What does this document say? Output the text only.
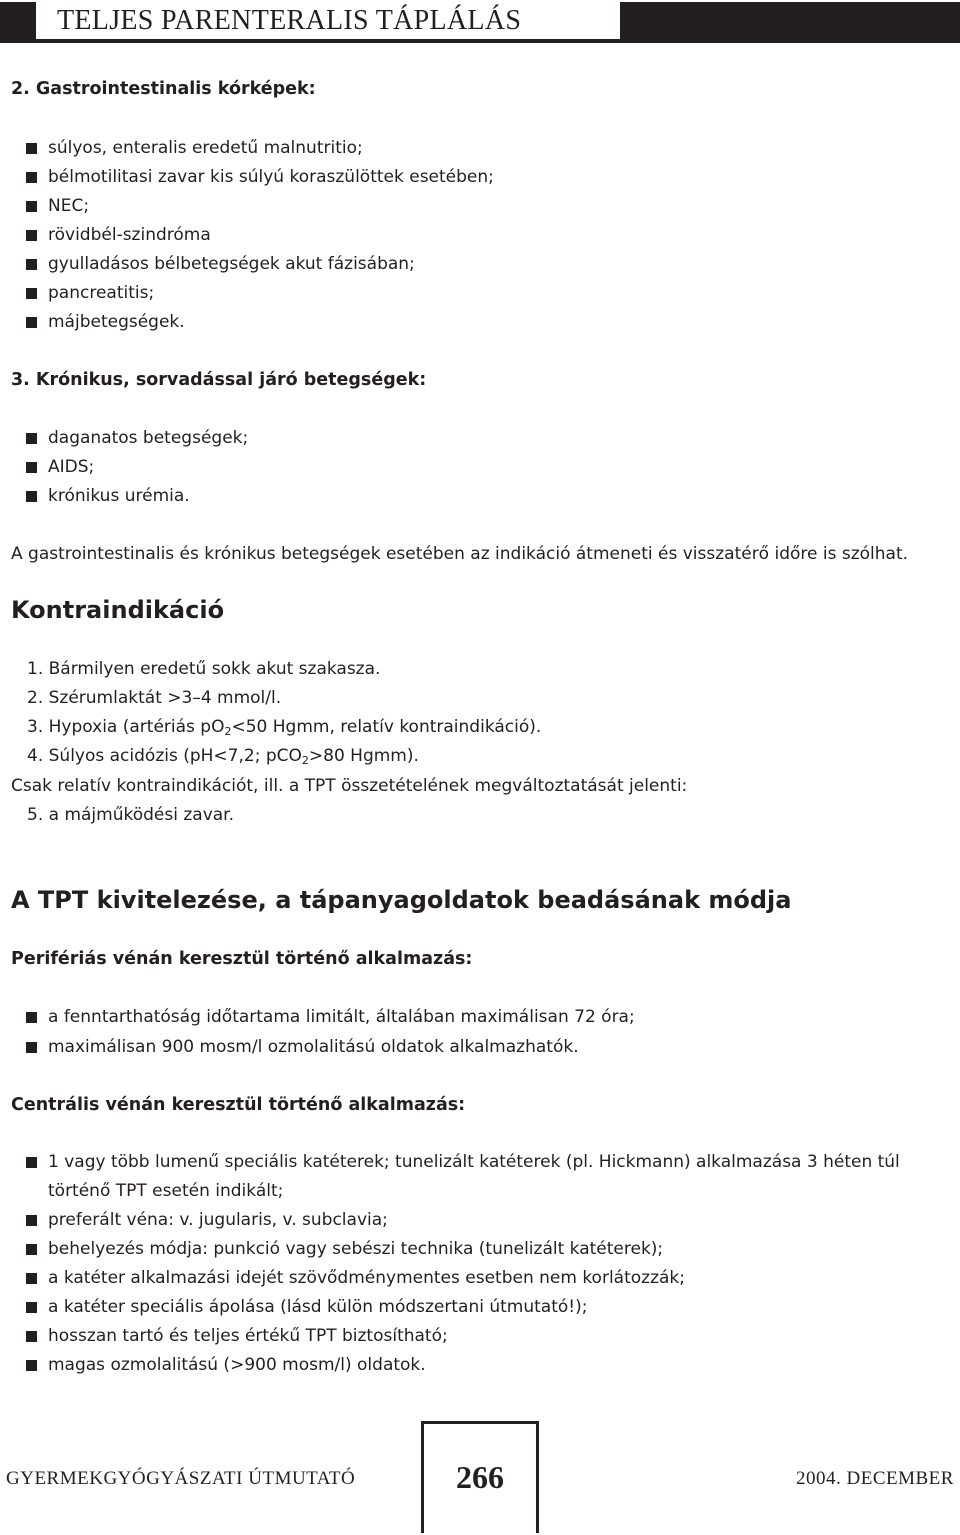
TELJES PARENTERALIS TÁPLÁLÁS
2. Gastrointestinalis kórképek:
súlyos, enteralis eredetű malnutritio;
bélmotilitasi zavar kis súlyú koraszülöttek esetében;
NEC;
rövidbél-szindróma
gyulladásos bélbetegségek akut fázisában;
pancreatitis;
májbetegségek.
3. Krónikus, sorvadással járó betegségek:
daganatos betegségek;
AIDS;
krónikus urémia.
A gastrointestinalis és krónikus betegségek esetében az indikáció átmeneti és visszatérő időre is szólhat.
Kontraindikáció
1. Bármilyen eredetű sokk akut szakasza.
2. Szérumlaktát >3–4 mmol/l.
3. Hypoxia (artériás $pO_2<50$ Hgmm, relatív kontraindikáció).
4. Súlyos acidózis (pH<7,2; pCO$_2$>80 Hgmm).
Csak relatív kontraindikációt, ill. a TPT összetételének megváltoztatását jelenti:
5. a májműködési zavar.
A TPT kivitelezése, a tápanyagoldatok beadásának módja
Perifériás vénán keresztül történő alkalmazás:
a fenntarthatóság időtartama limitált, általában maximálisan 72 óra;
maximálisan 900 mosm/l ozmolalitású oldatok alkalmazhatók.
Centrális vénán keresztül történő alkalmazás:
1 vagy több lumenű speciális katéterek; tunelizált katéterek (pl. Hickmann) alkalmazása 3 héten túl
történő TPT esetén indikált;
preferált véna: v. jugularis, v. subclavia;
behelyezés módja: punkció vagy sebészi technika (tunelizált katéterek);
a katéter alkalmazási idejét szövődménymentes esetben nem korlátozzák;
a katéter speciális ápolása (lásd külön módszertani útmutató!);
hosszan tartó és teljes értékű TPT biztosítható;
magas ozmolalitású (>900 mosm/l) oldatok.
GYERMEKGYÓGYÁSZATI ÚTMUTATÓ	266	2004. DECEMBER
